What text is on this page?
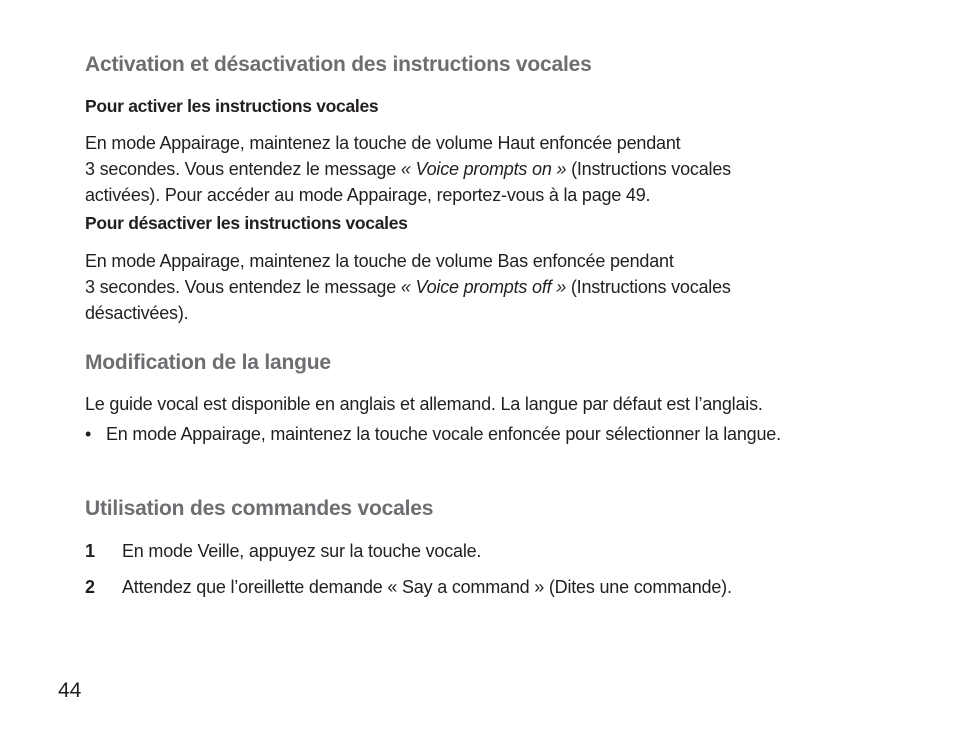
Activation et désactivation des instructions vocales
Pour activer les instructions vocales

En mode Appairage, maintenez la touche de volume Haut enfoncée pendant
3 secondes. Vous entendez le message « Voice prompts on » (Instructions vocales
activées). Pour accéder au mode Appairage, reportez-vous à la page 49.

Pour désactiver les instructions vocales

En mode Appairage, maintenez la touche de volume Bas enfoncée pendant
3 secondes. Vous entendez le message « Voice prompts off » (Instructions vocales
désactivées).

Modification de la langue

Le guide vocal est disponible en anglais et allemand. La langue par défaut est l’anglais.

• En mode Appairage, maintenez la touche vocale enfoncée pour sélectionner la langue.
Utilisation des commandes vocales
1 En mode Veille, appuyez sur la touche vocale.
2 Attendez que l’oreillette demande « Say a command » (Dites une commande).
44
